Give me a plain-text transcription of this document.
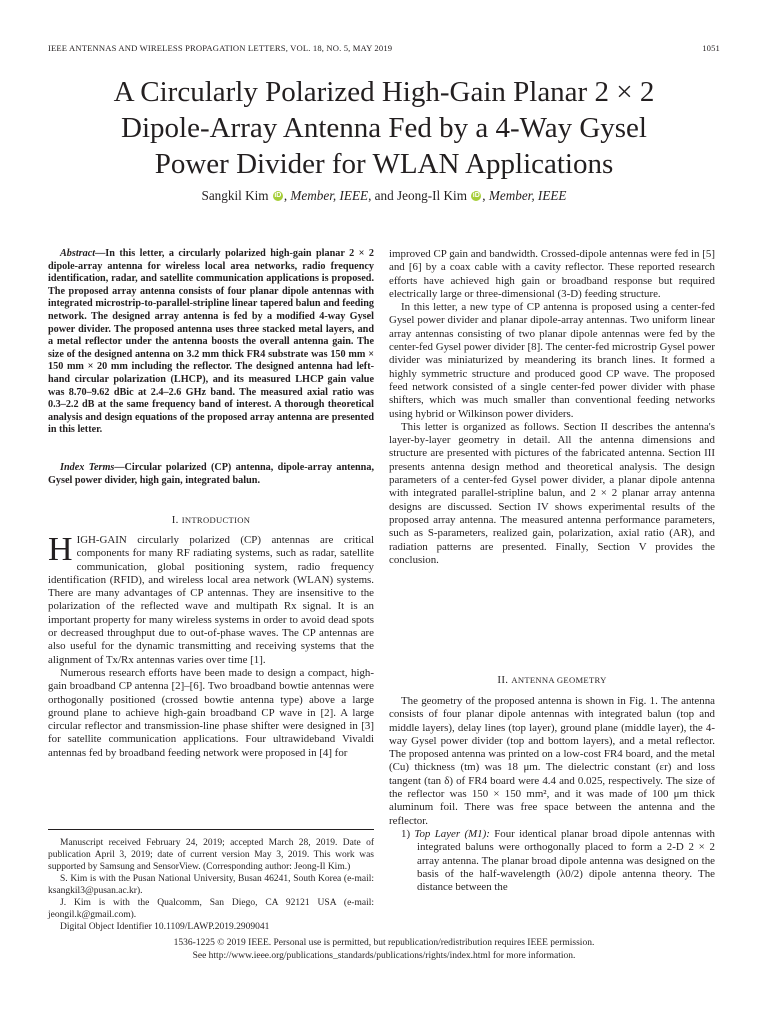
IEEE ANTENNAS AND WIRELESS PROPAGATION LETTERS, VOL. 18, NO. 5, MAY 2019	1051
A Circularly Polarized High-Gain Planar 2 × 2
Dipole-Array Antenna Fed by a 4-Way Gysel
Power Divider for WLAN Applications
Sangkil Kim iD , Member, IEEE, and Jeong-Il Kim iD , Member, IEEE

Abstract—In this letter, a circularly polarized high-gain planar 2 × 2 dipole-array antenna for wireless local area networks, radio frequency identification, radar, and satellite communication applications is proposed. The proposed array antenna consists of four planar dipole antennas with integrated microstrip-to-parallel-stripline linear tapered balun and feeding network. The designed array antenna is fed by a modified 4-way Gysel power divider. The proposed antenna uses three stacked metal layers, and a metal reflector under the antenna boosts the overall antenna gain. The size of the designed antenna on 3.2 mm thick FR4 substrate was 150 mm × 150 mm × 20 mm including the reflector. The designed antenna had left-hand circular polarization (LHCP), and its measured LHCP gain value was 8.70–9.62 dBic at 2.4–2.6 GHz band. The measured axial ratio was 0.3–2.2 dB at the same frequency band of interest. A thorough theoretical analysis and design equations of the proposed array antenna are presented in this letter.

Index Terms—Circular polarized (CP) antenna, dipole-array antenna, Gysel power divider, high gain, integrated balun.

I. INTRODUCTION

HIGH-GAIN circularly polarized (CP) antennas are critical components for many RF radiating systems, such as radar, satellite communication, global positioning system, radio frequency identification (RFID), and wireless local area network (WLAN) systems. There are many advantages of CP antennas. They are insensitive to the polarization of the reflected wave and multipath Rx signal. It is an important property for many wireless systems in order to avoid dead spots or decreased throughput due to out-of-phase waves. The CP antennas are also useful for the dynamic transmitting and receiving systems that the alignment of Tx/Rx antennas varies over time [1].

Numerous research efforts have been made to design a compact, high-gain broadband CP antenna [2]–[6]. Two broadband bowtie antennas were orthogonally positioned (crossed bowtie antenna type) above a large ground plane to achieve high-gain broadband CP wave in [2]. A large circular reflector and transmission-line phase shifter were designed in [3] for satellite communication applications. Four ultrawideband Vivaldi antennas fed by broadband feeding network were proposed in [4] for

Manuscript received February 24, 2019; accepted March 28, 2019. Date of publication April 3, 2019; date of current version May 3, 2019. This work was supported by Samsung and SensorView. (Corresponding author: Jeong-Il Kim.)

S. Kim is with the Pusan National University, Busan 46241, South Korea (e-mail: ksangkil3@pusan.ac.kr).

J. Kim is with the Qualcomm, San Diego, CA 92121 USA (e-mail: jeongil.k@gmail.com).

Digital Object Identifier 10.1109/LAWP.2019.2909041

improved CP gain and bandwidth. Crossed-dipole antennas were fed in [5] and [6] by a coax cable with a cavity reflector. These reported research efforts have achieved high gain or broadband response but required electrically large or three-dimensional (3-D) feeding structure.

In this letter, a new type of CP antenna is proposed using a center-fed Gysel power divider and planar dipole-array antennas. Two uniform linear array antennas consisting of two planar dipole antennas were fed by the center-fed Gysel power divider [8]. The center-fed microstrip Gysel power divider was miniaturized by meandering its branch lines. It formed a highly symmetric structure and produced good CP wave. The proposed feed network consisted of a single center-fed power divider with phase shifters, which was much smaller than conventional feeding networks using hybrid or Wilkinson power dividers.

This letter is organized as follows. Section II describes the antenna's layer-by-layer geometry in detail. All the antenna dimensions and structure are presented with pictures of the fabricated antenna. Section III presents antenna design method and theoretical analysis. The design parameters of a center-fed Gysel power divider, a planar dipole antenna with integrated parallel-stripline balun, and 2 × 2 planar array antenna designs are discussed. Section IV shows experimental results of the proposed array antenna. The measured antenna performance parameters, such as S-parameters, realized gain, polarization, axial ratio (AR), and radiation patterns are presented. Finally, Section V provides the conclusion.

II. ANTENNA GEOMETRY

The geometry of the proposed antenna is shown in Fig. 1. The antenna consists of four planar dipole antennas with integrated balun (top and middle layers), delay lines (top layer), ground plane (middle layer), the 4-way Gysel power divider (top and bottom layers), and a metal reflector. The proposed antenna was printed on a low-cost FR4 board, and the metal (Cu) thickness (tm) was 18 μm. The dielectric constant (εr) and loss tangent (tan δ) of FR4 board were 4.4 and 0.025, respectively. The size of the reflector was 150 × 150 mm², and it was made of 100 μm thick aluminum foil. There was free space between the antenna and the reflector.

1) Top Layer (M1): Four identical planar broad dipole antennas with integrated baluns were orthogonally placed to form a 2-D 2 × 2 array antenna. The planar broad dipole antenna was designed on the basis of the half-wavelength (λ0/2) dipole antenna theory. The distance between the

1536-1225 © 2019 IEEE. Personal use is permitted, but republication/redistribution requires IEEE permission.
See http://www.ieee.org/publications_standards/publications/rights/index.html for more information.
